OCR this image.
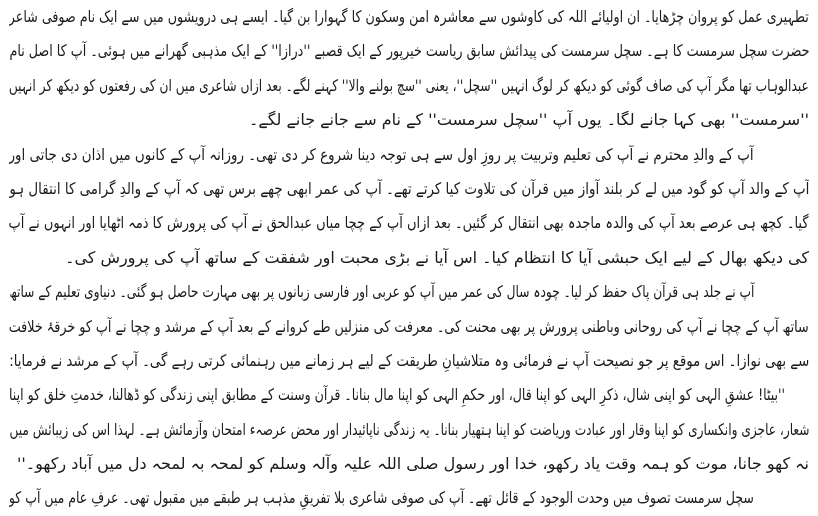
تطہیری عمل کو پروان چڑھایا۔ ان اولیائے اللہ کی کاوشوں سے معاشرہ امن وسکون کا گہوارا بن گیا۔ ایسے ہی درویشوں میں سے ایک نام صوفی شاعر
حضرت سچل سرمست کا ہے۔ سچل سرمست کی پیدائش سابق ریاست خیرپور کے ایک قصبے ''درازا'' کے ایک مذہبی گھرانے میں ہوئی۔ آپ کا اصل نام
عبدالوہاب تھا مگر آپ کی صاف گوئی کو دیکھ کر لوگ انہیں ''سچل''، یعنی ''سچ بولنے والا'' کہنے لگے۔ بعد ازاں شاعری میں ان کی رفعتوں کو دیکھ کر انہیں
''سرمست'' بھی کہا جانے لگا۔ یوں آپ ''سچل سرمست'' کے نام سے جانے جانے لگے۔
آپ کے والدِ محترم نے آپ کی تعلیم وتربیت پر روزِ اول سے ہی توجہ دینا شروع کر دی تھی۔ روزانہ آپ کے کانوں میں اذان دی جاتی اور
آپ کے والد آپ کو گود میں لے کر بلند آواز میں قرآن کی تلاوت کیا کرتے تھے۔ آپ کی عمر ابھی چھے برس تھی کہ آپ کے والدِ گرامی کا انتقال ہو
گیا۔ کچھ ہی عرصے بعد آپ کی والدہ ماجدہ بھی انتقال کر گئیں۔ بعد ازاں آپ کے چچا میاں عبدالحق نے آپ کی پرورش کا ذمہ اٹھایا اور انہوں نے آپ
کی دیکھ بھال کے لیے ایک حبشی آیا کا انتظام کیا۔ اس آیا نے بڑی محبت اور شفقت کے ساتھ آپ کی پرورش کی۔
آپ نے جلد ہی قرآن پاک حفظ کر لیا۔ چودہ سال کی عمر میں آپ کو عربی اور فارسی زبانوں پر بھی مہارت حاصل ہو گئی۔ دنیاوی تعلیم کے ساتھ
ساتھ آپ کے چچا نے آپ کی روحانی وباطنی پرورش پر بھی محنت کی۔ معرفت کی منزلیں طے کروانے کے بعد آپ کے مرشد و چچا نے آپ کو خرقۂ خلافت
سے بھی نوازا۔ اس موقع پر جو نصیحت آپ نے فرمائی وہ متلاشیانِ طریقت کے لیے ہر زمانے میں رہنمائی کرتی رہے گی۔ آپ کے مرشد نے فرمایا:
''بیٹا! عشقِ الہی کو اپنی شال، ذکرِ الہی کو اپنا قال، اور حکمِ الہی کو اپنا مال بنانا۔ قرآن وسنت کے مطابق اپنی زندگی کو ڈھالنا، خدمتِ خلق کو اپنا
شعار، عاجزی وانکساری کو اپنا وقار اور عبادت وریاضت کو اپنا ہتھیار بنانا۔ یہ زندگی ناپائیدار اور محض عرصہء امتحان وآزمائش ہے۔ لہذا اس کی زیبائش میں
نہ کھو جانا، موت کو ہمہ وقت یاد رکھو، خدا اور رسول صلی اللہ علیہ وآلہ وسلم کو لمحہ بہ لمحہ دل میں آباد رکھو۔''
سچل سرمست تصوف میں وحدت الوجود کے قائل تھے۔ آپ کی صوفی شاعری بلا تفریقِ مذہب ہر طبقے میں مقبول تھی۔ عرفِ عام میں آپ کو
